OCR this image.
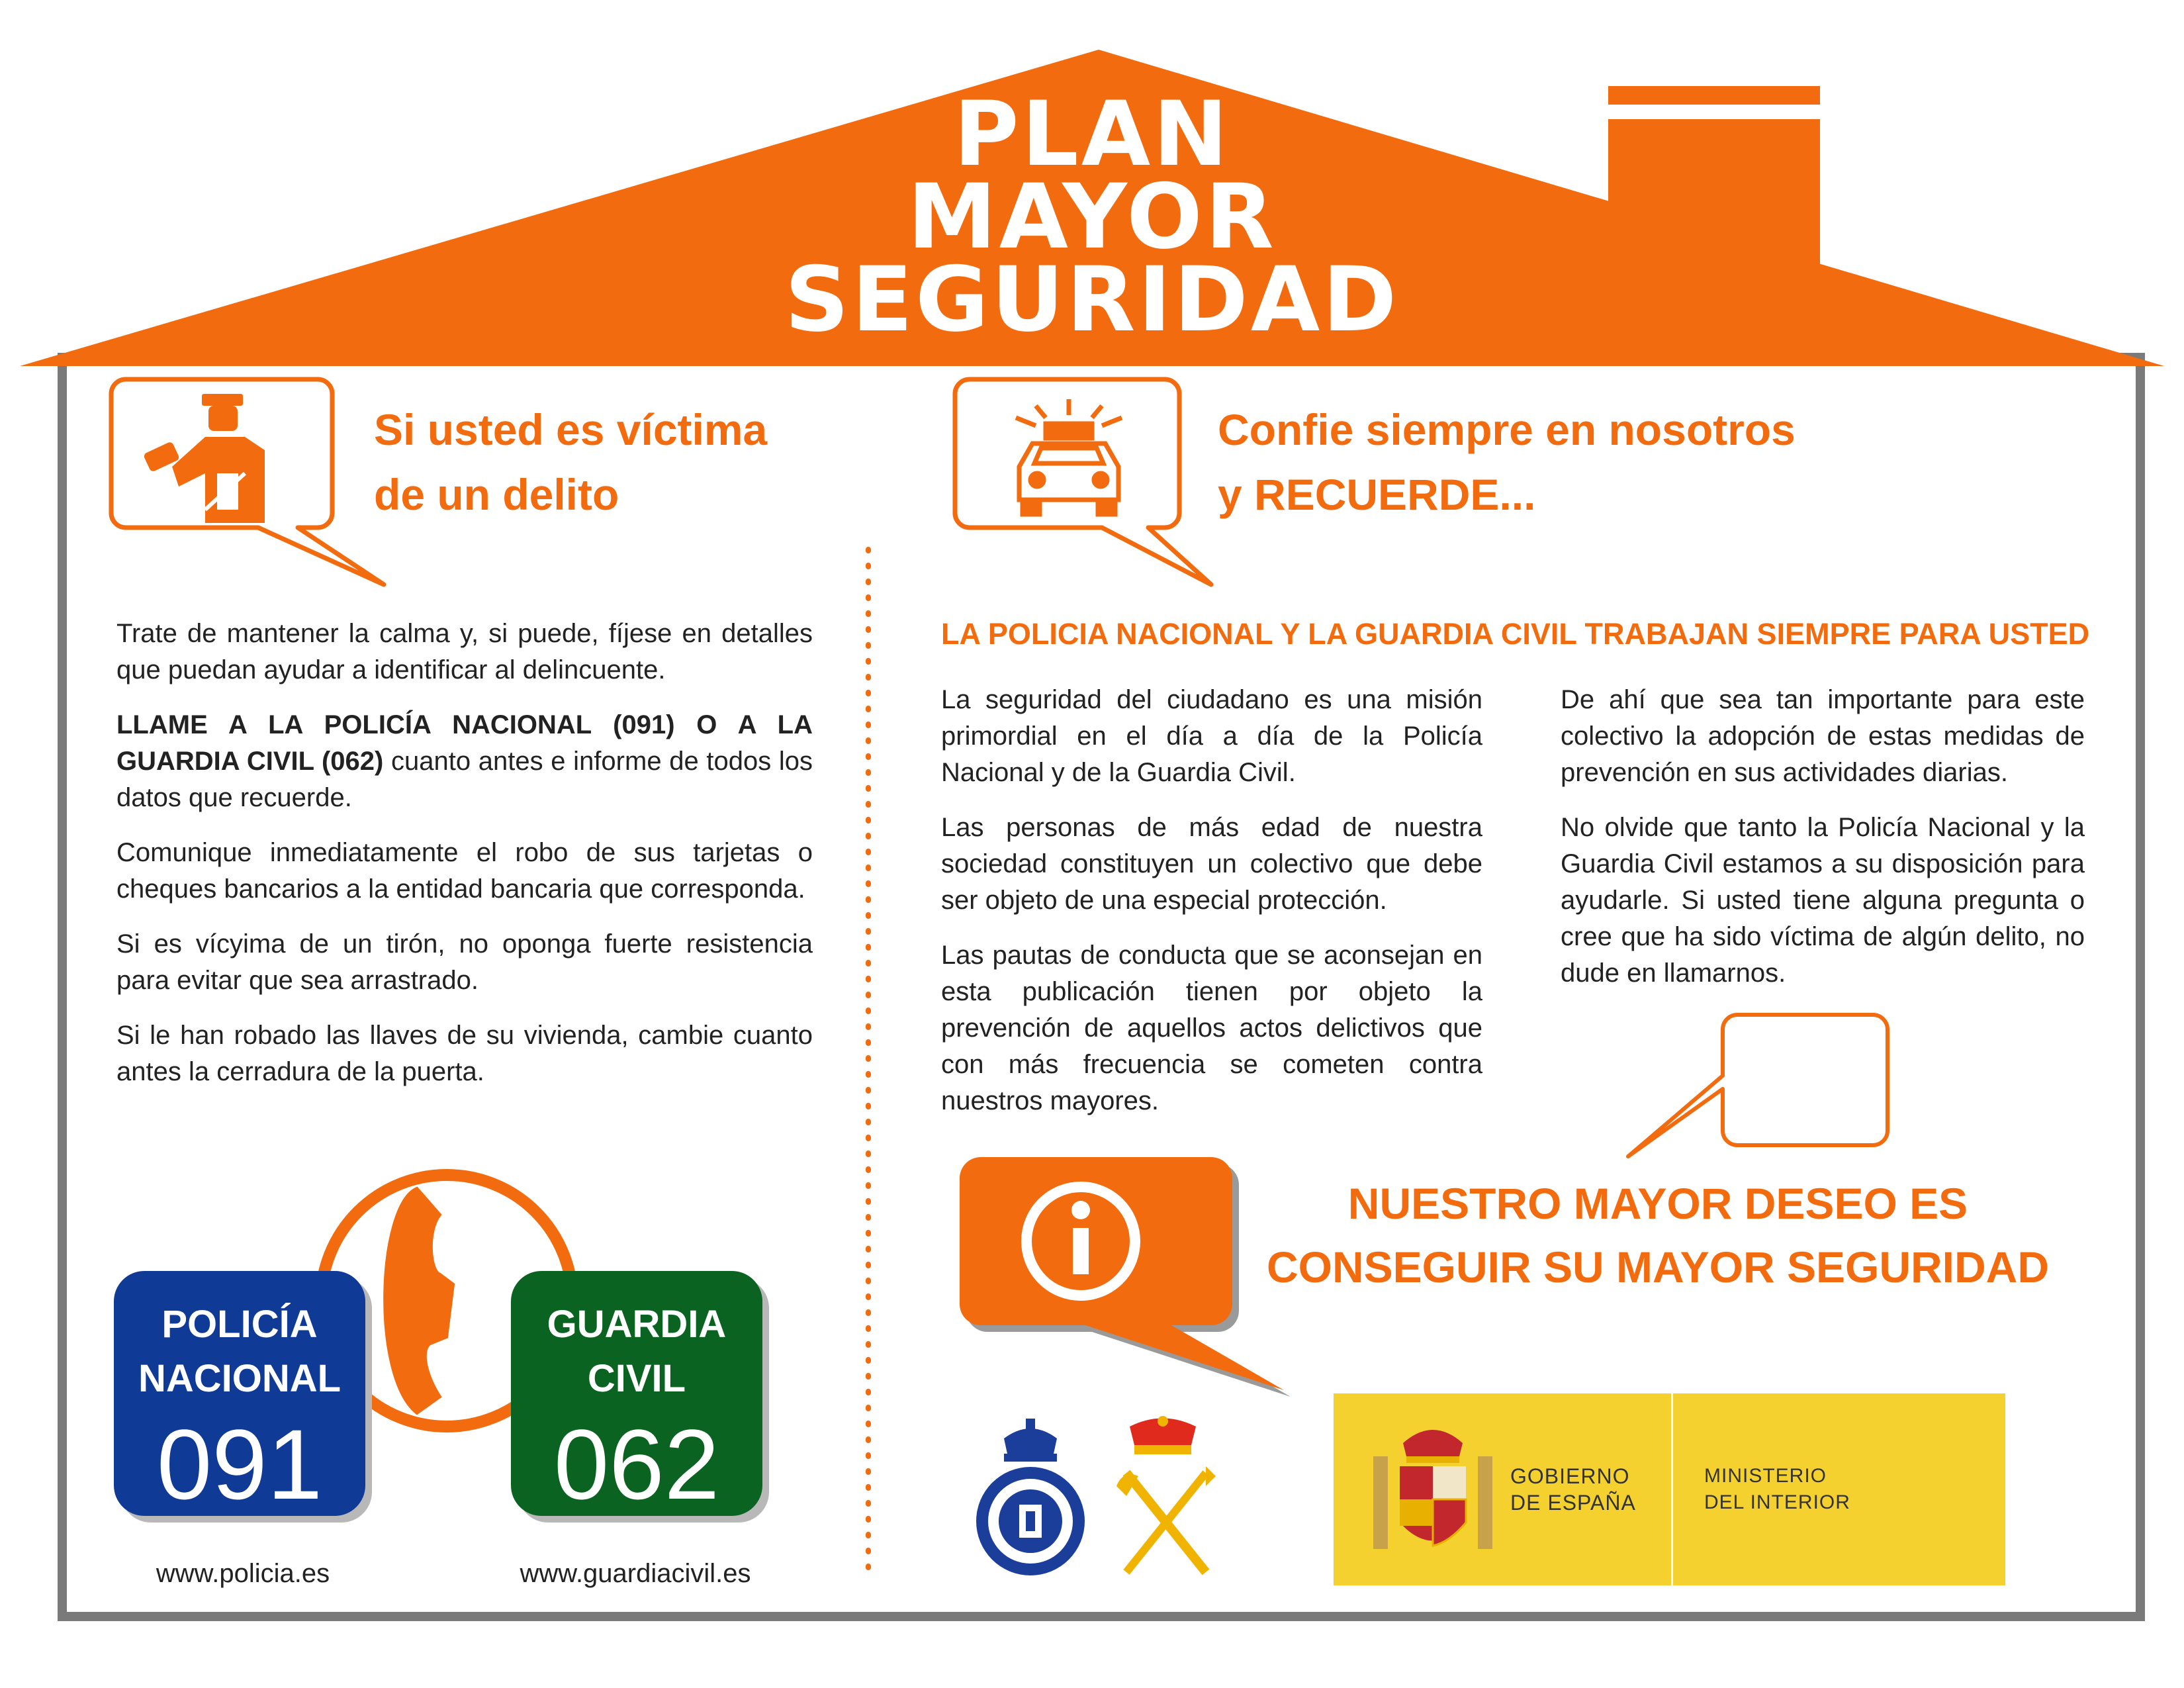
PLAN
MAYOR
SEGURIDAD
Si usted es víctima
de un delito
Confie siempre en nosotros
y RECUERDE...

Trate de mantener la calma y, si puede, fíjese en detalles que puedan ayudar a identificar al delincuente.

LLAME A LA POLICÍA NACIONAL (091) O A LA GUARDIA CIVIL (062) cuanto antes e informe de todos los datos que recuerde.

Comunique inmediatamente el robo de sus tarjetas o cheques bancarios a la entidad bancaria que corresponda.

Si es vícyima de un tirón, no oponga fuerte resistencia para evitar que sea arrastrado.

Si le han robado las llaves de su vivienda, cambie cuanto antes la cerradura de la puerta.

POLICÍA
NACIONAL
091
GUARDIA
CIVIL
062
www.policia.es	www.guardiacivil.es
LA POLICIA NACIONAL Y LA GUARDIA CIVIL TRABAJAN SIEMPRE PARA USTED

La seguridad del ciudadano es una misión primordial en el día a día de la Policía Nacional y de la Guardia Civil.

Las personas de más edad de nuestra sociedad constituyen un colectivo que debe ser objeto de una especial protección.

Las pautas de conducta que se aconsejan en esta publicación tienen por objeto la prevención de aquellos actos delictivos que con más frecuencia se cometen contra nuestros mayores.

De ahí que sea tan importante para este colectivo la adopción de estas medidas de prevención en sus actividades diarias.

No olvide que tanto la Policía Nacional y la Guardia Civil estamos a su disposición para ayudarle. Si usted tiene alguna pregunta o cree que ha sido víctima de algún delito, no dude en llamarnos.

NUESTRO MAYOR DESEO ES
CONSEGUIR SU MAYOR SEGURIDAD
GOBIERNO
DE ESPAÑA
MINISTERIO
DEL INTERIOR
